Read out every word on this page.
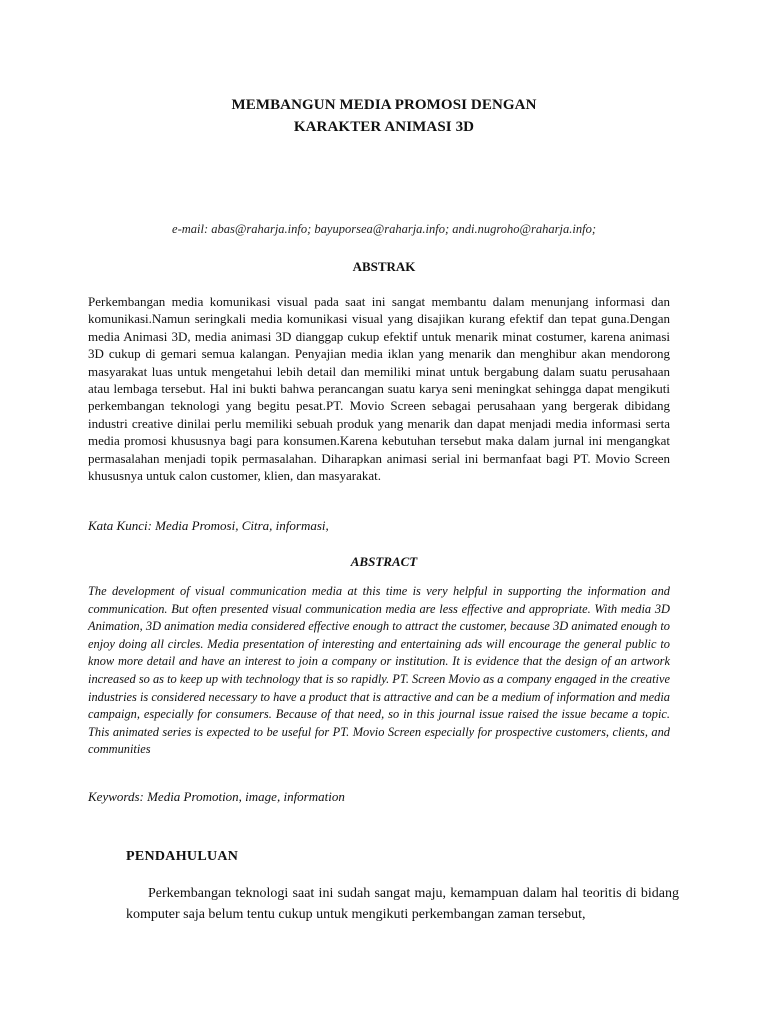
MEMBANGUN MEDIA PROMOSI DENGAN
KARAKTER ANIMASI 3D
e-mail: abas@raharja.info; bayuporsea@raharja.info; andi.nugroho@raharja.info;
ABSTRAK
Perkembangan media komunikasi visual pada saat ini sangat membantu dalam menunjang informasi dan komunikasi.Namun seringkali media komunikasi visual yang disajikan kurang efektif dan tepat guna.Dengan media Animasi 3D, media animasi 3D dianggap cukup efektif untuk menarik minat costumer, karena animasi 3D cukup di gemari semua kalangan. Penyajian media iklan yang menarik dan menghibur akan mendorong masyarakat luas untuk mengetahui lebih detail dan memiliki minat untuk bergabung dalam suatu perusahaan atau lembaga tersebut. Hal ini bukti bahwa perancangan suatu karya seni meningkat sehingga dapat mengikuti perkembangan teknologi yang begitu pesat.PT. Movio Screen sebagai perusahaan yang bergerak dibidang industri creative dinilai perlu memiliki sebuah produk yang menarik dan dapat menjadi media informasi serta media promosi khususnya bagi para konsumen.Karena kebutuhan tersebut maka dalam jurnal ini mengangkat permasalahan menjadi topik permasalahan. Diharapkan animasi serial ini bermanfaat bagi PT. Movio Screen khususnya untuk calon customer, klien, dan masyarakat.
Kata Kunci: Media Promosi, Citra, informasi,
ABSTRACT
The development of visual communication media at this time is very helpful in supporting the information and communication. But often presented visual communication media are less effective and appropriate. With media 3D Animation, 3D animation media considered effective enough to attract the customer, because 3D animated enough to enjoy doing all circles. Media presentation of interesting and entertaining ads will encourage the general public to know more detail and have an interest to join a company or institution. It is evidence that the design of an artwork increased so as to keep up with technology that is so rapidly. PT. Screen Movio as a company engaged in the creative industries is considered necessary to have a product that is attractive and can be a medium of information and media campaign, especially for consumers. Because of that need, so in this journal issue raised the issue became a topic. This animated series is expected to be useful for PT. Movio Screen especially for prospective customers, clients, and communities
Keywords: Media Promotion, image, information
PENDAHULUAN
Perkembangan teknologi saat ini sudah sangat maju, kemampuan dalam hal teoritis di bidang komputer saja belum tentu cukup untuk mengikuti perkembangan zaman tersebut,
